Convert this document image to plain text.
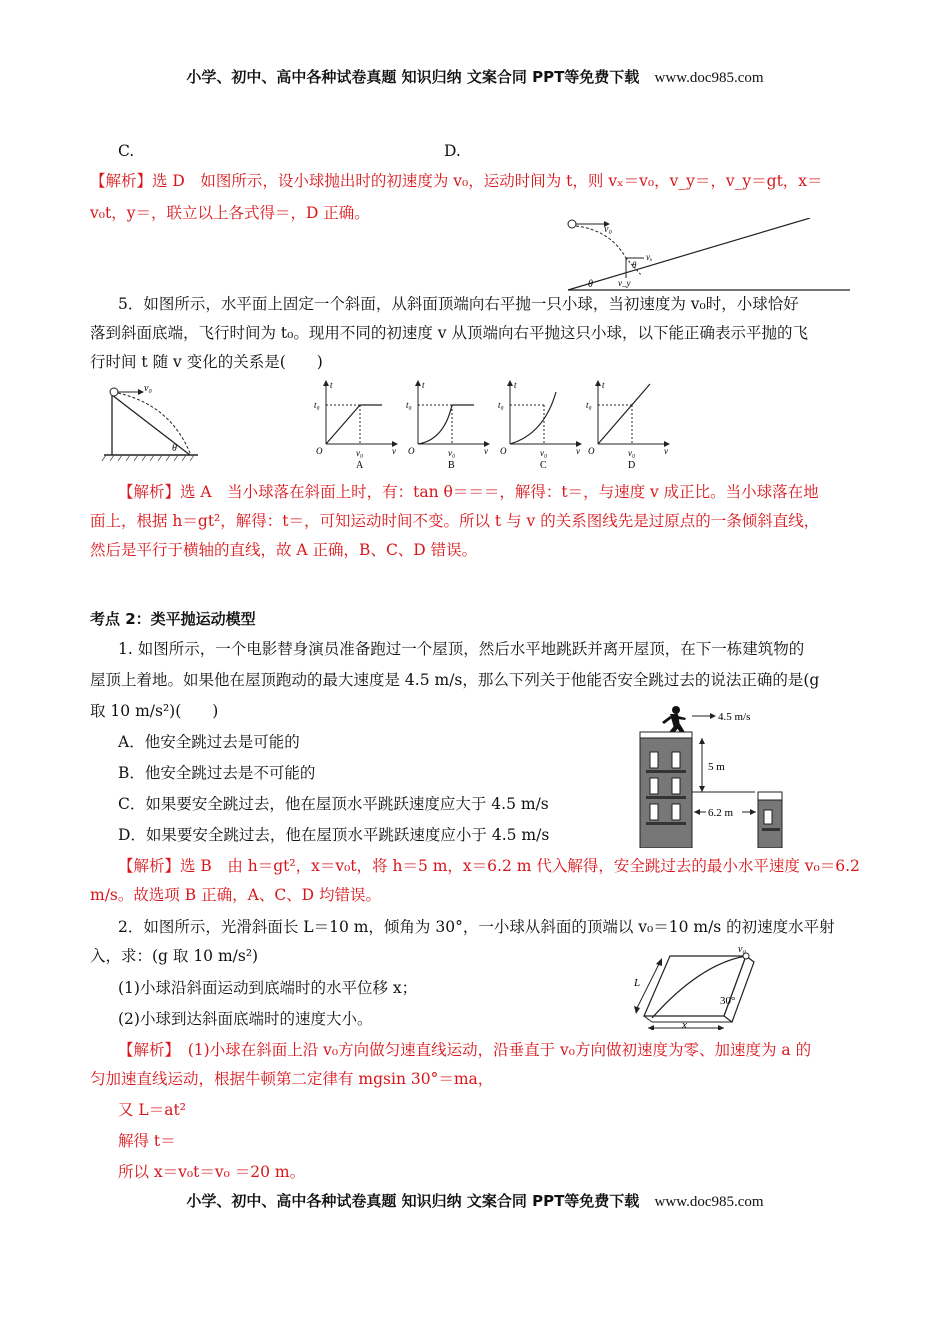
小学、初中、高中各种试卷真题 知识归纳 文案合同 PPT等免费下载 www.doc985.com
C.	D.
【解析】选 D　如图所示，设小球抛出时的初速度为 v₀，运动时间为 t，则 vₓ＝v₀，v_y＝，v_y＝gt，x＝
v₀t，y＝，联立以上各式得＝，D 正确。
v₀
vₓ
v_y
θ
θ
5．如图所示，水平面上固定一个斜面，从斜面顶端向右平抛一只小球，当初速度为 v₀时，小球恰好
落到斜面底端，飞行时间为 t₀。现用不同的初速度 v 从顶端向右平抛这只小球，以下能正确表示平抛的飞
行时间 t 随 v 变化的关系是(　　)
v₀
θ
t
t₀
O	v₀	v
A
t
t₀
O	v₀	v
B
t
t₀
O	v₀	v
C
t
t₀
O	v₀	v
D
【解析】选 A　当小球落在斜面上时，有：tan θ＝＝＝，解得：t＝，与速度 v 成正比。当小球落在地
面上，根据 h＝gt²，解得：t＝，可知运动时间不变。所以 t 与 v 的关系图线先是过原点的一条倾斜直线，
然后是平行于横轴的直线，故 A 正确，B、C、D 错误。
考点 2：类平抛运动模型
1. 如图所示，一个电影替身演员准备跑过一个屋顶，然后水平地跳跃并离开屋顶，在下一栋建筑物的
屋顶上着地。如果他在屋顶跑动的最大速度是 4.5 m/s，那么下列关于他能否安全跳过去的说法正确的是(g
取 10 m/s²)(　　)
A．他安全跳过去是可能的
B．他安全跳过去是不可能的
C．如果要安全跳过去，他在屋顶水平跳跃速度应大于 4.5 m/s
D．如果要安全跳过去，他在屋顶水平跳跃速度应小于 4.5 m/s
4.5 m/s
5 m
6.2 m
【解析】选 B　由 h＝gt²，x＝v₀t，将 h＝5 m，x＝6.2 m 代入解得，安全跳过去的最小水平速度 v₀＝6.2
m/s。故选项 B 正确，A、C、D 均错误。
2．如图所示，光滑斜面长 L＝10 m，倾角为 30°，一小球从斜面的顶端以 v₀＝10 m/s 的初速度水平射
入，求：(g 取 10 m/s²)
(1)小球沿斜面运动到底端时的水平位移 x；
(2)小球到达斜面底端时的速度大小。
v₀
L
30°
x
【解析】　(1)小球在斜面上沿 v₀方向做匀速直线运动，沿垂直于 v₀方向做初速度为零、加速度为 a 的
匀加速直线运动，根据牛顿第二定律有 mgsin 30°＝ma，
又 L＝at²
解得 t＝
所以 x＝v₀t＝v₀ ＝20 m。
小学、初中、高中各种试卷真题 知识归纳 文案合同 PPT等免费下载 www.doc985.com
